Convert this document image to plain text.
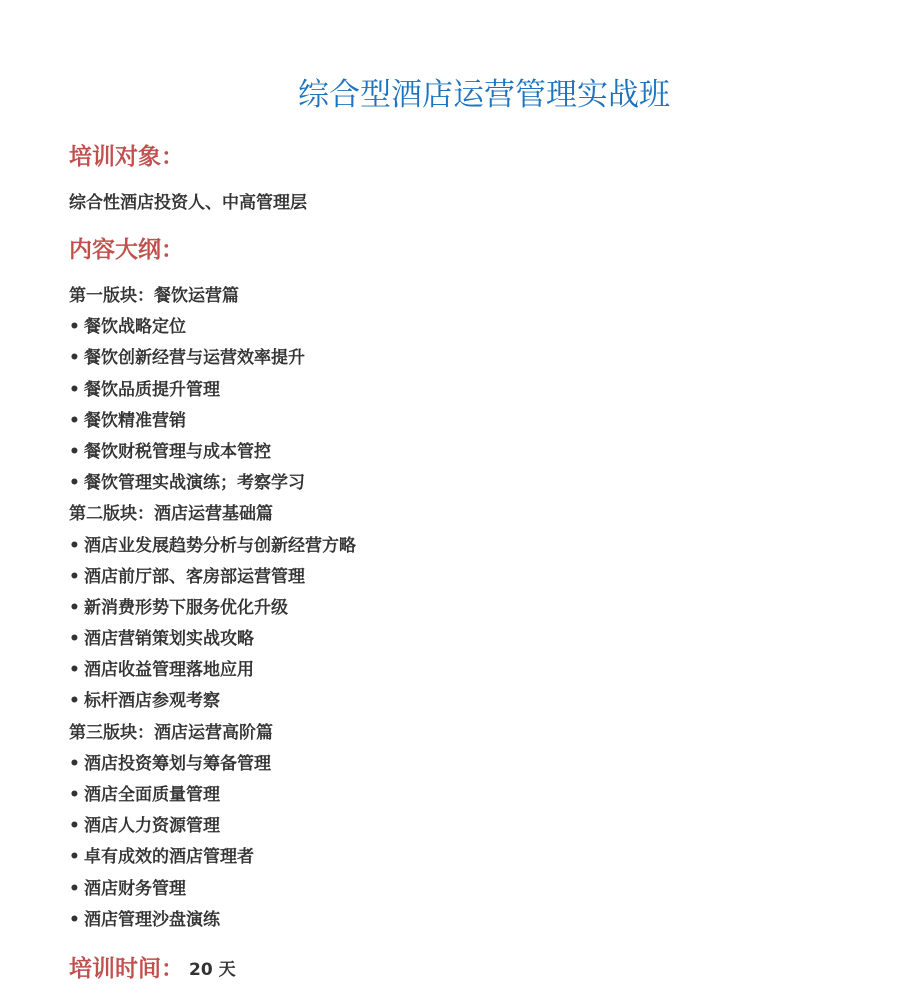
综合型酒店运营管理实战班
培训对象：
综合性酒店投资人、中高管理层
内容大纲：
第一版块：餐饮运营篇
• 餐饮战略定位
• 餐饮创新经营与运营效率提升
• 餐饮品质提升管理
• 餐饮精准营销
• 餐饮财税管理与成本管控
• 餐饮管理实战演练；考察学习
第二版块：酒店运营基础篇
• 酒店业发展趋势分析与创新经营方略
• 酒店前厅部、客房部运营管理
• 新消费形势下服务优化升级
• 酒店营销策划实战攻略
• 酒店收益管理落地应用
• 标杆酒店参观考察
第三版块：酒店运营高阶篇
• 酒店投资筹划与筹备管理
• 酒店全面质量管理
• 酒店人力资源管理
• 卓有成效的酒店管理者
• 酒店财务管理
• 酒店管理沙盘演练
培训时间： 20 天
